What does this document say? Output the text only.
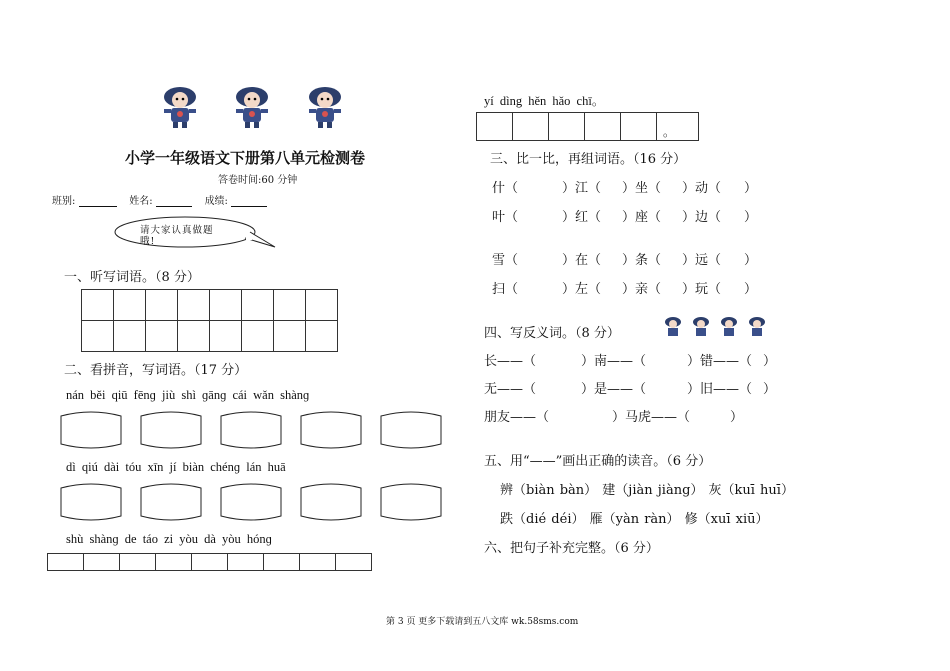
小学一年级语文下册第八单元检测卷
答卷时间:60 分钟
班别:	姓名:	成绩:
请大家认真做题哦!
一、听写词语。（8 分）

二、看拼音，写词语。（17 分）
nán běi qiū fēnɡ jiù shì ɡānɡ cái wǎn shànɡ
dì qiú dài tóu xīn jí biàn chénɡ lán huā
shù shànɡ de táo zi yòu dà yòu hónɡ

yí dìng hěn hǎo chī。
					。
三、比一比，再组词语。（16 分）
什（	）江（	）坐（	）动（	）
叶（	）红（	）座（	）边（	）
雪（	）在（	）条（	）远（	）
扫（	）左（	）亲（	）玩（	）
四、写反义词。（8 分）
长——（	）南——（	）错——（ ）
无——（	）是——（	）旧——（ ）
朋友——（	）马虎——（	）
五、用“——”画出正确的读音。（6 分）
辨（biàn bàn） 建（jiàn jiàng） 灰（kuī huī）
跌（dié déi） 雁（yàn ràn） 修（xuī xiū）
六、把句子补充完整。（6 分）
第 3 页 更多下载请到五八文库 wk.58sms.com
